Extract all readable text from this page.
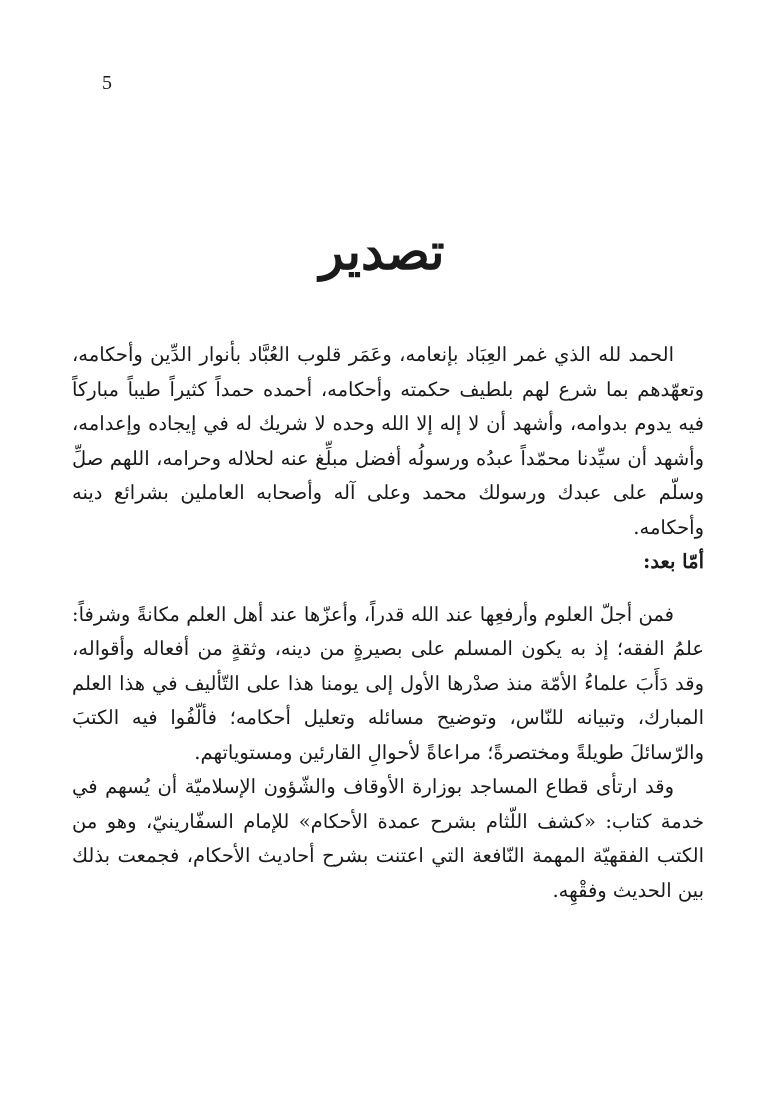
5
تصدير

الحمد لله الذي غمر العِبَاد بإنعامه، وعَمَر قلوب العُبَّاد بأنوار الدِّين وأحكامه، وتعهّدهم بما شرع لهم بلطيف حكمته وأحكامه، أحمده حمداً كثيراً طيباً مباركاً فيه يدوم بدوامه، وأشهد أن لا إله إلا الله وحده لا شريك له في إيجاده وإعدامه، وأشهد أن سيِّدنا محمّداً عبدُه ورسولُه أفضل مبلِّغ عنه لحلاله وحرامه، اللهم صلِّ وسلّم على عبدك ورسولك محمد وعلى آله وأصحابه العاملين بشرائع دينه وأحكامه.

أمّا بعد:

فمن أجلّ العلوم وأرفعِها عند الله قدراً، وأعزّها عند أهل العلم مكانةً وشرفاً: علمُ الفقه؛ إذ به يكون المسلم على بصيرةٍ من دينه، وثقةٍ من أفعاله وأقواله، وقد دَأَبَ علماءُ الأمّة منذ صدْرها الأول إلى يومنا هذا على التّأليف في هذا العلم المبارك، وتبيانه للنّاس، وتوضيح مسائله وتعليل أحكامه؛ فألّفُوا فيه الكتبَ والرّسائلَ طويلةً ومختصرةً؛ مراعاةً لأحوالِ القارئين ومستوياتهم.

وقد ارتأى قطاع المساجد بوزارة الأوقاف والشّؤون الإسلاميّة أن يُسهم في خدمة كتاب: «كشف اللّثام بشرح عمدة الأحكام» للإمام السفّارينيّ، وهو من الكتب الفقهيّة المهمة النّافعة التي اعتنت بشرح أحاديث الأحكام، فجمعت بذلك بين الحديث وفقْهِه.
